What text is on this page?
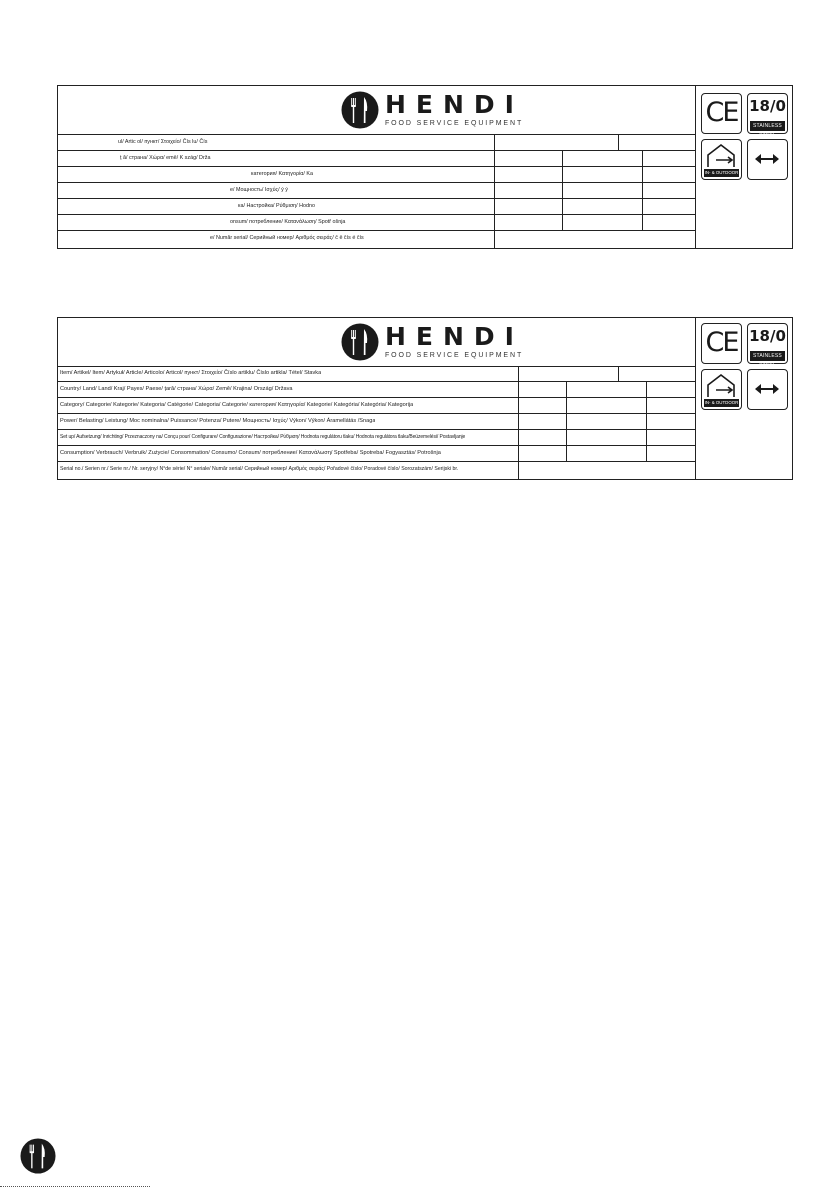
HENDI
FOOD SERVICE EQUIPMENT
ul/ Artic ol/ пункт/ Στοιχείο/ Čís lu/ Čís
ț ă/ страна/ Χώρα/ emě/ K szág/ Drža
категория/ Κατηγορία/ Ka
e/ Мощность/ Ισχύς/ ý ý
ка/ Настройка/ Ρύθμιση/ Hodno
onsum/ потребление/ Κατανάλωση/ Spotř ošnja
e/ Număr serial/ Серийный номер/ Αριθμός σειράς/ č ě čís é čís
CE 18/0
STAINLESS STEEL
IN- & OUTDOOR
HENDI
FOOD SERVICE EQUIPMENT
Item/ Artikel/ Item/ Artykuł/ Article/ Articolo/ Articol/ пункт/ Στοιχείο/ Číslo artiklu/ Číslo artikla/ Tétel/ Stavka
Country/ Land/ Land/ Kraj/ Payes/ Paese/ țară/ страна/ Χώρα/ Země/ Krajina/ Ország/ Država
Category/ Categorie/ Kategorie/ Kategoria/ Catégorie/ Categoria/ Categorie/ категория/ Κατηγορία/ Kategorie/ Kategória/ Kategória/ Kategorija
Power/ Belasting/ Leistung/ Moc nominalna/ Puissance/ Potenza/ Putere/ Мощность/ Ισχύς/ Výkon/ Výkon/ Áramellátás /Snaga
Set up/ Aufsetzung/ Inrichting/ Przeznaczony na/ Conçu pour/ Configurare/ Configurazione/ Настройка/ Ρύθμιση/ Hodnota regulátoru tlaku/ Hodnota regulátora tlaku/Beüzemelési/ Postavljanje
Consumption/ Verbrauch/ Verbruik/ Zużycie/ Consommation/ Consumo/ Consum/ потребление/ Κατανάλωση/ Spotřeba/ Spotreba/ Fogyasztás/ Potrošnja
Serial no./ Serien nr./ Serie nr./ Nr. seryjny/ N°de série/ N° seriale/ Număr serial/ Серийный номер/ Αριθμός σειράς/ Pořadové číslo/ Poradové číslo/ Sorozatszám/ Serijski br.
CE 18/0
STAINLESS STEEL
IN- & OUTDOOR
